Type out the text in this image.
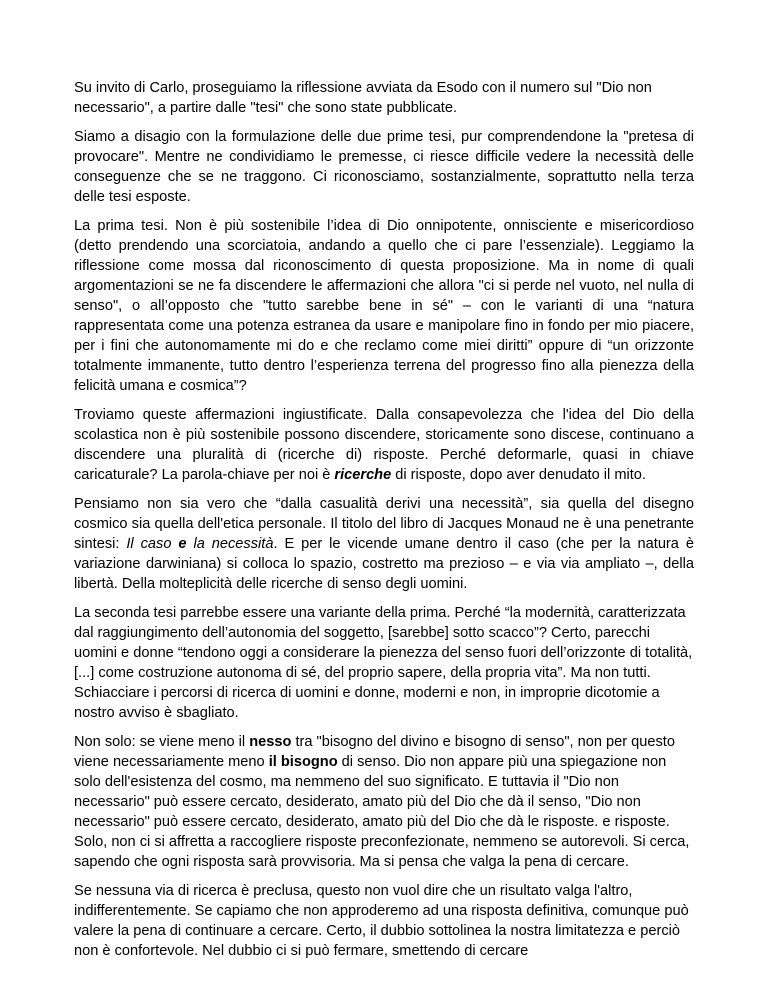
Su invito di Carlo, proseguiamo la riflessione avviata da Esodo con il numero sul "Dio non necessario", a partire dalle "tesi" che sono state pubblicate.

Siamo a disagio con la formulazione delle due prime tesi, pur comprendendone la "pretesa di provocare". Mentre ne condividiamo le premesse, ci riesce difficile vedere la necessità delle conseguenze che se ne traggono. Ci riconosciamo, sostanzialmente, soprattutto nella terza delle tesi esposte.

La prima tesi. Non è più sostenibile l’idea di Dio onnipotente, onnisciente e misericordioso (detto prendendo una scorciatoia, andando a quello che ci pare l’essenziale). Leggiamo la riflessione come mossa dal riconoscimento di questa proposizione. Ma in nome di quali argomentazioni se ne fa discendere le affermazioni che allora "ci si perde nel vuoto, nel nulla di senso", o all’opposto che "tutto sarebbe bene in sé" – con le varianti di una “natura rappresentata come una potenza estranea da usare e manipolare fino in fondo per mio piacere, per i fini che autonomamente mi do e che reclamo come miei diritti” oppure di “un orizzonte totalmente immanente, tutto dentro l’esperienza terrena del progresso fino alla pienezza della felicità umana e cosmica”?

Troviamo queste affermazioni ingiustificate. Dalla consapevolezza che l'idea del Dio della scolastica non è più sostenibile possono discendere, storicamente sono discese, continuano a discendere una pluralità di (ricerche di) risposte. Perché deformarle, quasi in chiave caricaturale? La parola-chiave per noi è ricerche di risposte, dopo aver denudato il mito.

Pensiamo non sia vero che “dalla casualità derivi una necessità”, sia quella del disegno cosmico sia quella dell'etica personale. Il titolo del libro di Jacques Monaud ne è una penetrante sintesi: Il caso e la necessità. E per le vicende umane dentro il caso (che per la natura è variazione darwiniana) si colloca lo spazio, costretto ma prezioso – e via via ampliato –, della libertà. Della molteplicità delle ricerche di senso degli uomini.

La seconda tesi parrebbe essere una variante della prima. Perché “la modernità, caratterizzata dal raggiungimento dell’autonomia del soggetto, [sarebbe] sotto scacco”? Certo, parecchi uomini e donne “tendono oggi a considerare la pienezza del senso fuori dell’orizzonte di totalità, [...] come costruzione autonoma di sé, del proprio sapere, della propria vita”. Ma non tutti. Schiacciare i percorsi di ricerca di uomini e donne, moderni e non, in improprie dicotomie a nostro avviso è sbagliato.

Non solo: se viene meno il nesso tra "bisogno del divino e bisogno di senso", non per questo viene necessariamente meno il bisogno di senso. Dio non appare più una spiegazione non solo dell'esistenza del cosmo, ma nemmeno del suo significato. E tuttavia il "Dio non necessario" può essere cercato, desiderato, amato più del Dio che dà il senso, "Dio non necessario" può essere cercato, desiderato, amato più del Dio che dà le risposte. e risposte. Solo, non ci si affretta a raccogliere risposte preconfezionate, nemmeno se autorevoli. Si cerca, sapendo che ogni risposta sarà provvisoria. Ma si pensa che valga la pena di cercare.

Se nessuna via di ricerca è preclusa, questo non vuol dire che un risultato valga l'altro, indifferentemente. Se capiamo che non approderemo ad una risposta definitiva, comunque può valere la pena di continuare a cercare. Certo, il dubbio sottolinea la nostra limitatezza e perciò non è confortevole. Nel dubbio ci si può fermare, smettendo di cercare
